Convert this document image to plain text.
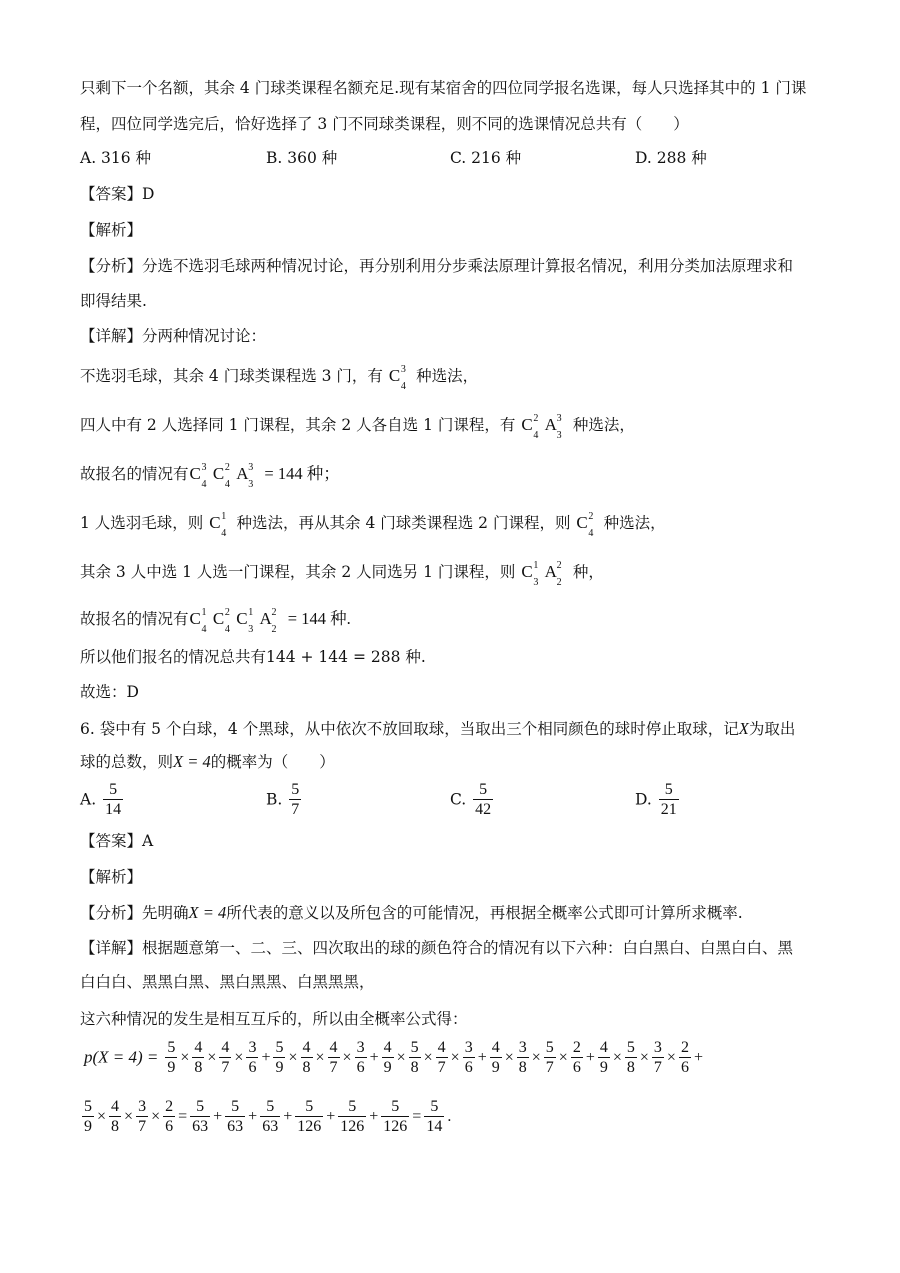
只剩下一个名额，其余 4 门球类课程名额充足.现有某宿舍的四位同学报名选课，每人只选择其中的 1 门课
程，四位同学选完后，恰好选择了 3 门不同球类课程，则不同的选课情况总共有（　　）
A. 316 种	B. 360 种	C. 216 种	D. 288 种
【答案】D
【解析】
【分析】分选不选羽毛球两种情况讨论，再分别利用分步乘法原理计算报名情况，利用分类加法原理求和
即得结果.
【详解】分两种情况讨论：
不选羽毛球，其余 4 门球类课程选 3 门，有 C 3
4
种选法，
四人中有 2 人选择同 1 门课程，其余 2 人各自选 1 门课程，有 C 2
4
A 3
3
种选法，
故报名的情况有C 3
4
C 2
4
A 3
3
= 144 种；
1 人选羽毛球，则 C 1
4
种选法，再从其余 4 门球类课程选 2 门课程，则 C 2
4
种选法，
其余 3 人中选 1 人选一门课程，其余 2 人同选另 1 门课程，则 C 1
3
A 2
2
种，
故报名的情况有C 1
4
C 2
4
C 1
3
A 2
2
= 144 种.
所以他们报名的情况总共有144 + 144 = 288 种.
故选：D
6. 袋中有 5 个白球，4 个黑球，从中依次不放回取球，当取出三个相同颜色的球时停止取球，记X为取出
球的总数，则X = 4的概率为（　　）
A. $\frac{5}{14}$	B. $\frac{5}{7}$	C. $\frac{5}{42}$	D. $\frac{5}{21}$
【答案】A
【解析】
【分析】先明确X = 4所代表的意义以及所包含的可能情况，再根据全概率公式即可计算所求概率.
【详解】根据题意第一、二、三、四次取出的球的颜色符合的情况有以下六种：白白黑白、白黑白白、黑
白白白、黑黑白黑、黑白黑黑、白黑黑黑，
这六种情况的发生是相互互斥的，所以由全概率公式得：
$p(X = 4) = \frac{5}{9} \times \frac{4}{8} \times \frac{4}{7} \times \frac{3}{6} + \frac{5}{9} \times \frac{4}{8} \times \frac{4}{7} \times \frac{3}{6} + \frac{4}{9} \times \frac{5}{8} \times \frac{4}{7} \times \frac{3}{6} + \frac{4}{9} \times \frac{3}{8} \times \frac{5}{7} \times \frac{2}{6} + \frac{4}{9} \times \frac{5}{8} \times \frac{3}{7} \times \frac{2}{6}$ +
$\frac{5}{9} \times \frac{4}{8} \times \frac{3}{7} \times \frac{2}{6} = \frac{5}{63} + \frac{5}{63} + \frac{5}{63} + \frac{5}{126} + \frac{5}{126} + \frac{5}{126} = \frac{5}{14}$ .
